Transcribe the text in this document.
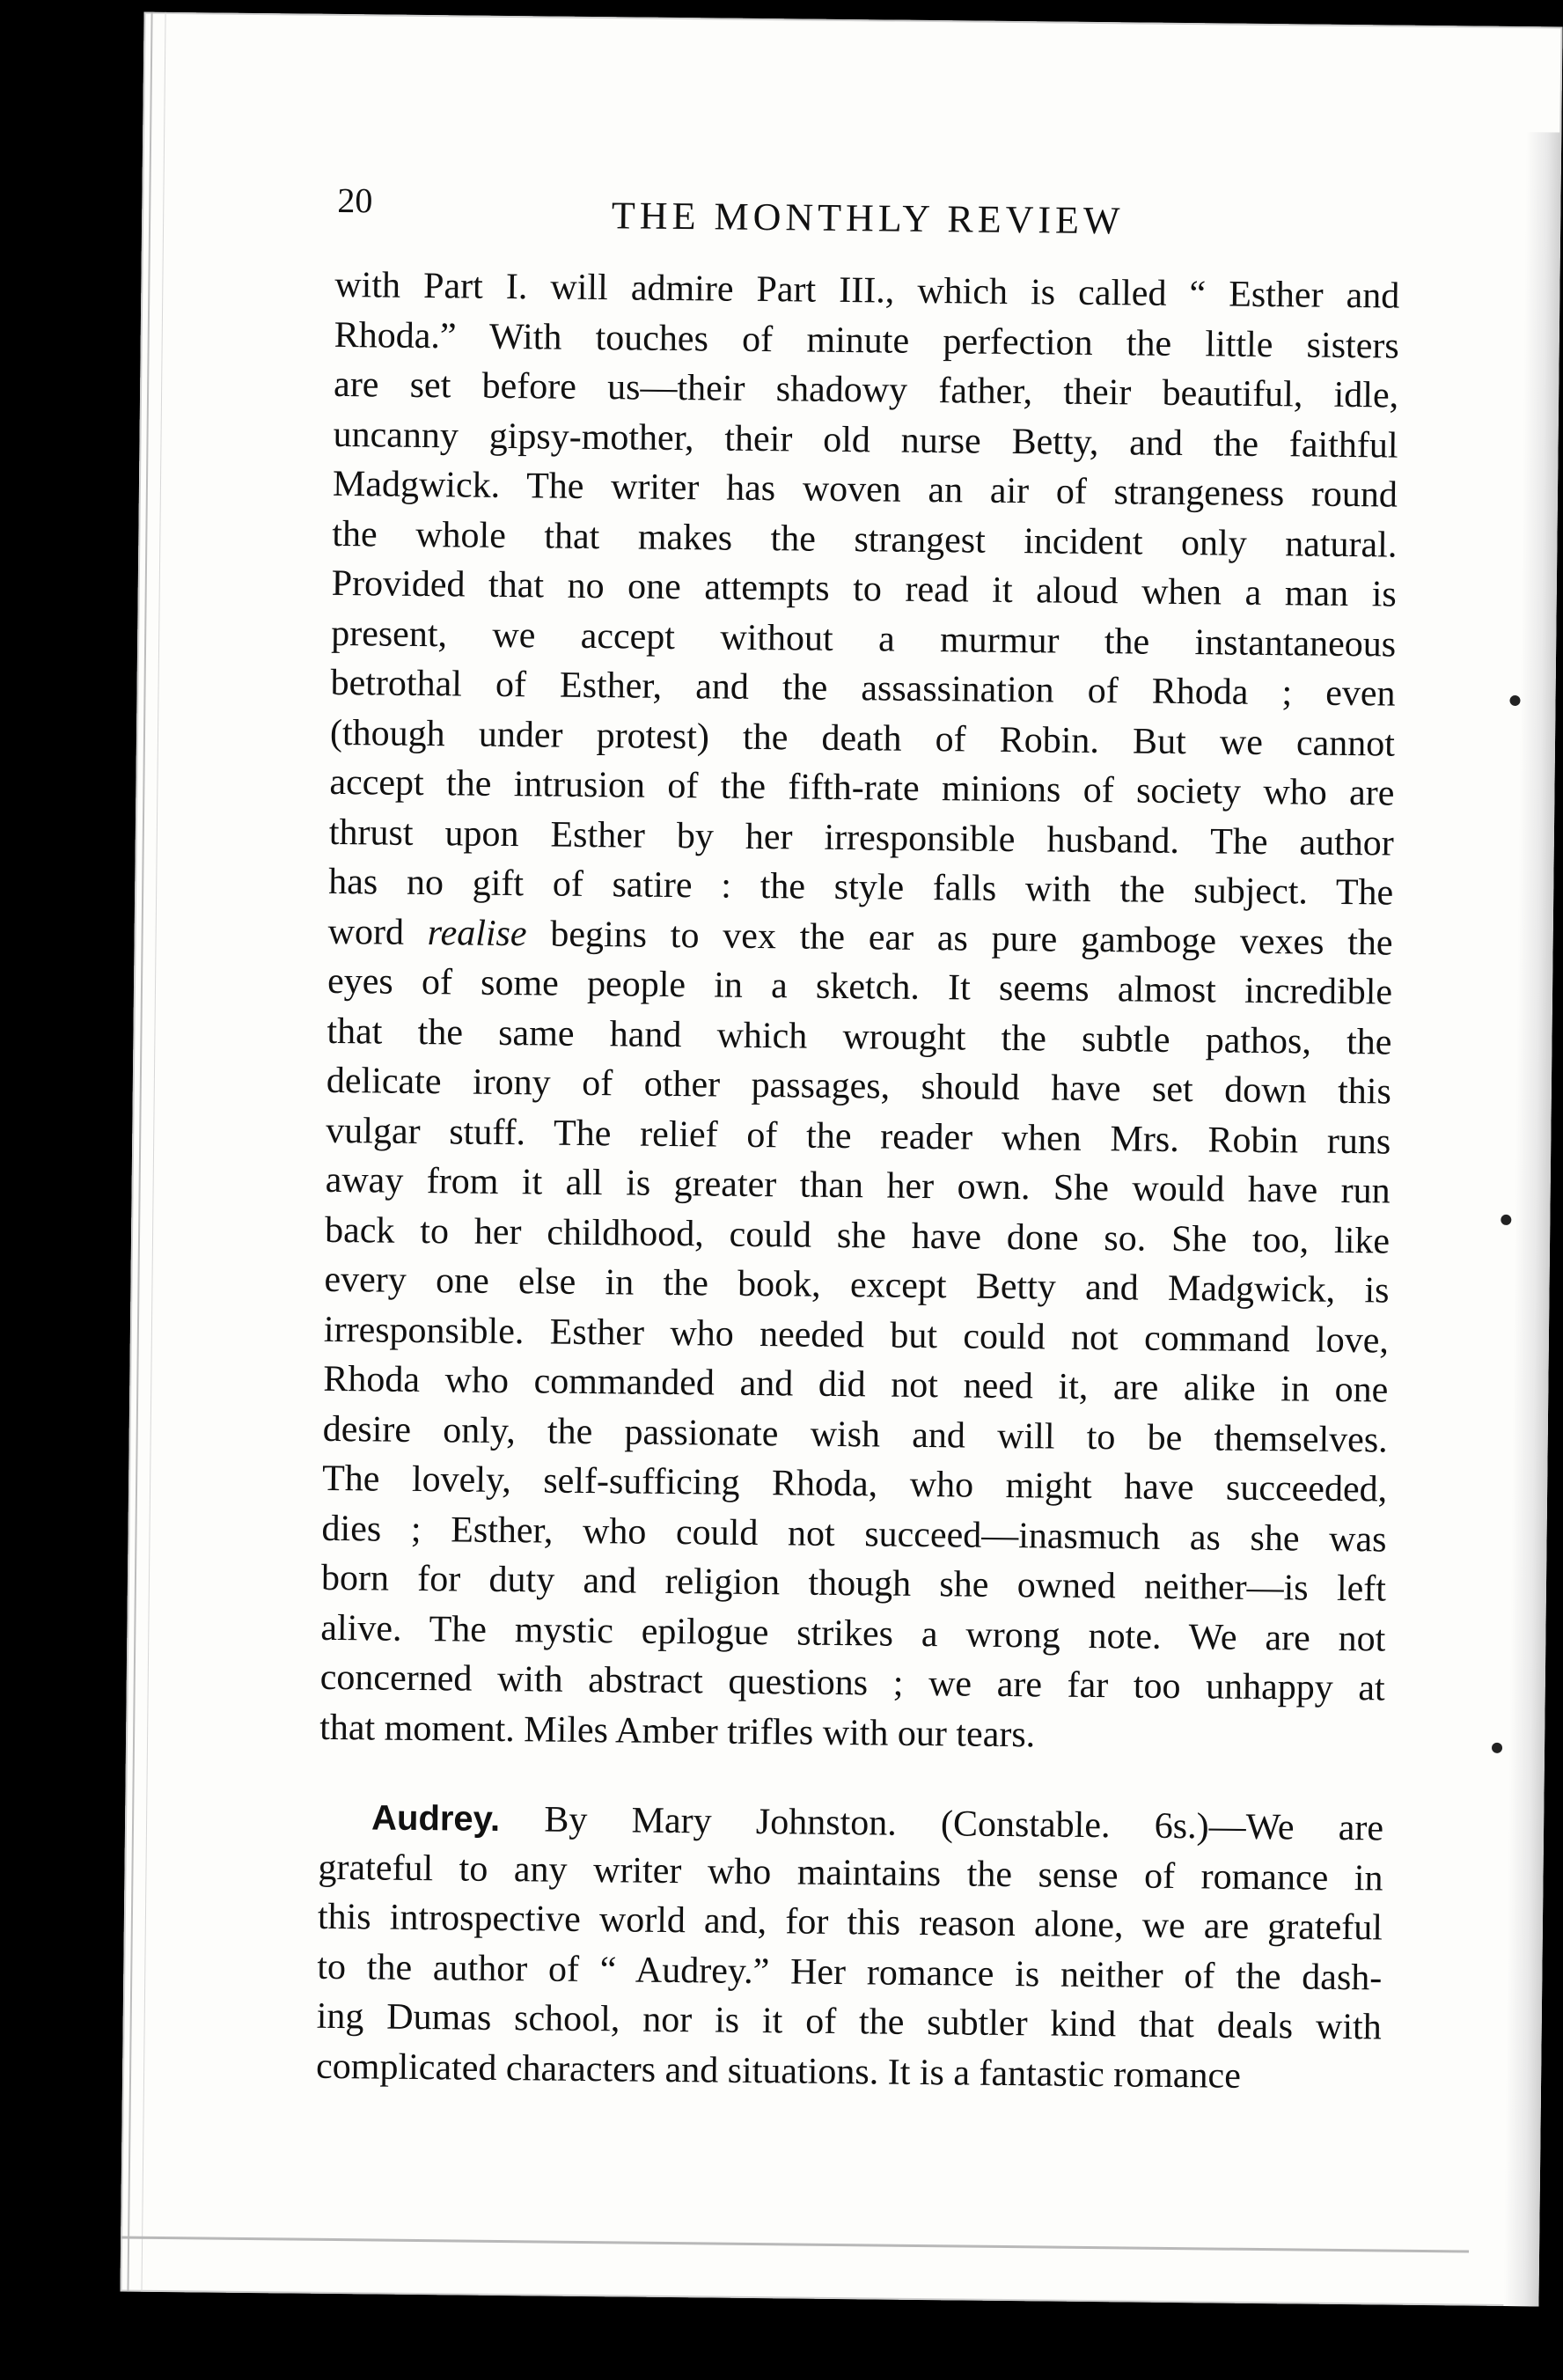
20	THE MONTHLY REVIEW
with Part I. will admire Part III., which is called “ Esther and
Rhoda.” With touches of minute perfection the little sisters
are set before us—their shadowy father, their beautiful, idle,
uncanny gipsy-mother, their old nurse Betty, and the faithful
Madgwick. The writer has woven an air of strangeness round
the whole that makes the strangest incident only natural.
Provided that no one attempts to read it aloud when a man is
present, we accept without a murmur the instantaneous
betrothal of Esther, and the assassination of Rhoda ; even
(though under protest) the death of Robin. But we cannot
accept the intrusion of the fifth-rate minions of society who are
thrust upon Esther by her irresponsible husband. The author
has no gift of satire : the style falls with the subject. The
word realise begins to vex the ear as pure gamboge vexes the
eyes of some people in a sketch. It seems almost incredible
that the same hand which wrought the subtle pathos, the
delicate irony of other passages, should have set down this
vulgar stuff. The relief of the reader when Mrs. Robin runs
away from it all is greater than her own. She would have run
back to her childhood, could she have done so. She too, like
every one else in the book, except Betty and Madgwick, is
irresponsible. Esther who needed but could not command love,
Rhoda who commanded and did not need it, are alike in one
desire only, the passionate wish and will to be themselves.
The lovely, self-sufficing Rhoda, who might have succeeded,
dies ; Esther, who could not succeed—inasmuch as she was
born for duty and religion though she owned neither—is left
alive. The mystic epilogue strikes a wrong note. We are not
concerned with abstract questions ; we are far too unhappy at
that moment. Miles Amber trifles with our tears.
Audrey. By Mary Johnston. (Constable. 6s.)—We are
grateful to any writer who maintains the sense of romance in
this introspective world and, for this reason alone, we are grateful
to the author of “ Audrey.” Her romance is neither of the dash-
ing Dumas school, nor is it of the subtler kind that deals with
complicated characters and situations. It is a fantastic romance
